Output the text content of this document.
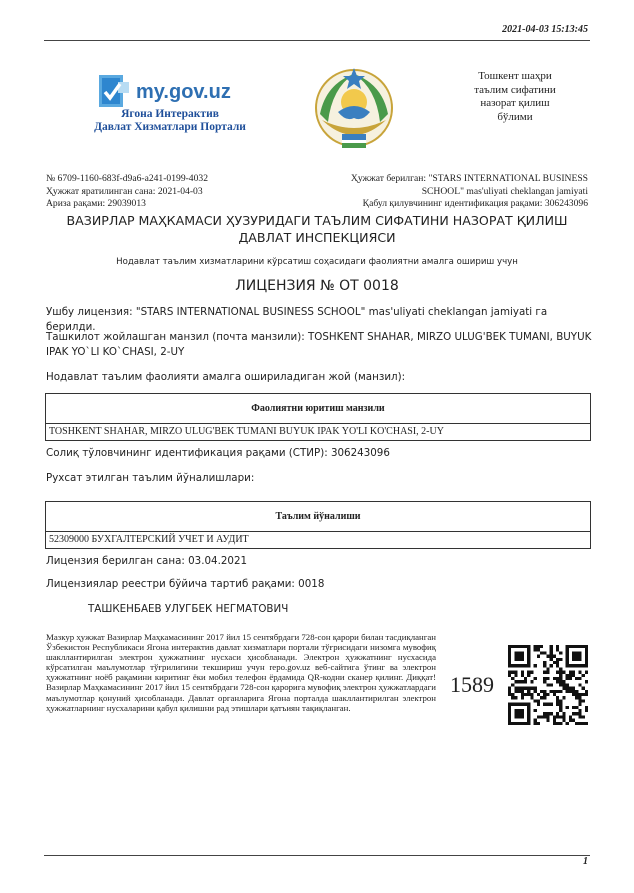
2021-04-03 15:13:45
my.gov.uz
Ягона Интерактив
Давлат Хизматлари Портали
Тошкент шаҳри
таълим сифатини
назорат қилиш
бўлими
№ 6709-1160-683f-d9a6-a241-0199-4032
Ҳужжат яратилинган сана: 2021-04-03
Ариза рақами: 29039013
Ҳужжат берилган: "STARS INTERNATIONAL BUSINESS
SCHOOL" mas'uliyati cheklangan jamiyati
Қабул қилувчининг идентификация рақами: 306243096
ВАЗИРЛАР МАҲКАМАСИ ҲУЗУРИДАГИ ТАЪЛИМ СИФАТИНИ НАЗОРАТ ҚИЛИШ ДАВЛАТ ИНСПЕКЦИЯСИ
Нодавлат таълим хизматларини кўрсатиш соҳасидаги фаолиятни амалга ошириш учун
ЛИЦЕНЗИЯ № ОТ 0018
Ушбу лицензия: "STARS INTERNATIONAL BUSINESS SCHOOL" mas'uliyati cheklangan jamiyati га берилди.
Ташкилот жойлашган манзил (почта манзили): TOSHKENT SHAHAR, MIRZO ULUG'BEK TUMANI, BUYUK IPAK YO`LI KO`CHASI, 2-UY
Нодавлат таълим фаолияти амалга ошириладиган жой (манзил):
Фаолиятни юритиш манзили
TOSHKENT SHAHAR, MIRZO ULUG'BEK TUMANI BUYUK IPAK YO'LI KO'CHASI, 2-UY
Солиқ тўловчининг идентификация рақами (СТИР): 306243096
Рухсат этилган таълим йўналишлари:
Таълим йўналиши
52309000 БУХГАЛТЕРСКИЙ УЧЕТ И АУДИТ
Лицензия берилган сана: 03.04.2021
Лицензиялар реестри бўйича тартиб рақами: 0018
ТАШКЕНБАЕВ УЛУГБЕК НЕГМАТОВИЧ
Мазкур ҳужжат Вазирлар Маҳкамасининг 2017 йил 15 сентябрдаги 728-сон қарори билан тасдиқланган Ўзбекистон Республикаси Ягона интерактив давлат хизматлари портали тўғрисидаги низомга мувофиқ шакллантирилган электрон ҳужжатнинг нусхаси ҳисобланади. Электрон ҳужжатнинг нусхасида кўрсатилган маълумотлар тўғрилигини текшириш учун repo.gov.uz веб-сайтига ўтинг ва электрон ҳужжатнинг ноёб рақамини киритинг ёки мобил телефон ёрдамида QR-кодни сканер қилинг. Диққат! Вазирлар Маҳкамасининг 2017 йил 15 сентябрдаги 728-сон қарорига мувофиқ электрон ҳужжатлардаги маълумотлар қонуний ҳисобланади. Давлат органларига Ягона порталда шакллантирилган электрон ҳужжатларнинг нусхаларини қабул қилишни рад этишлари қатъиян тақиқланган.
1589
1
